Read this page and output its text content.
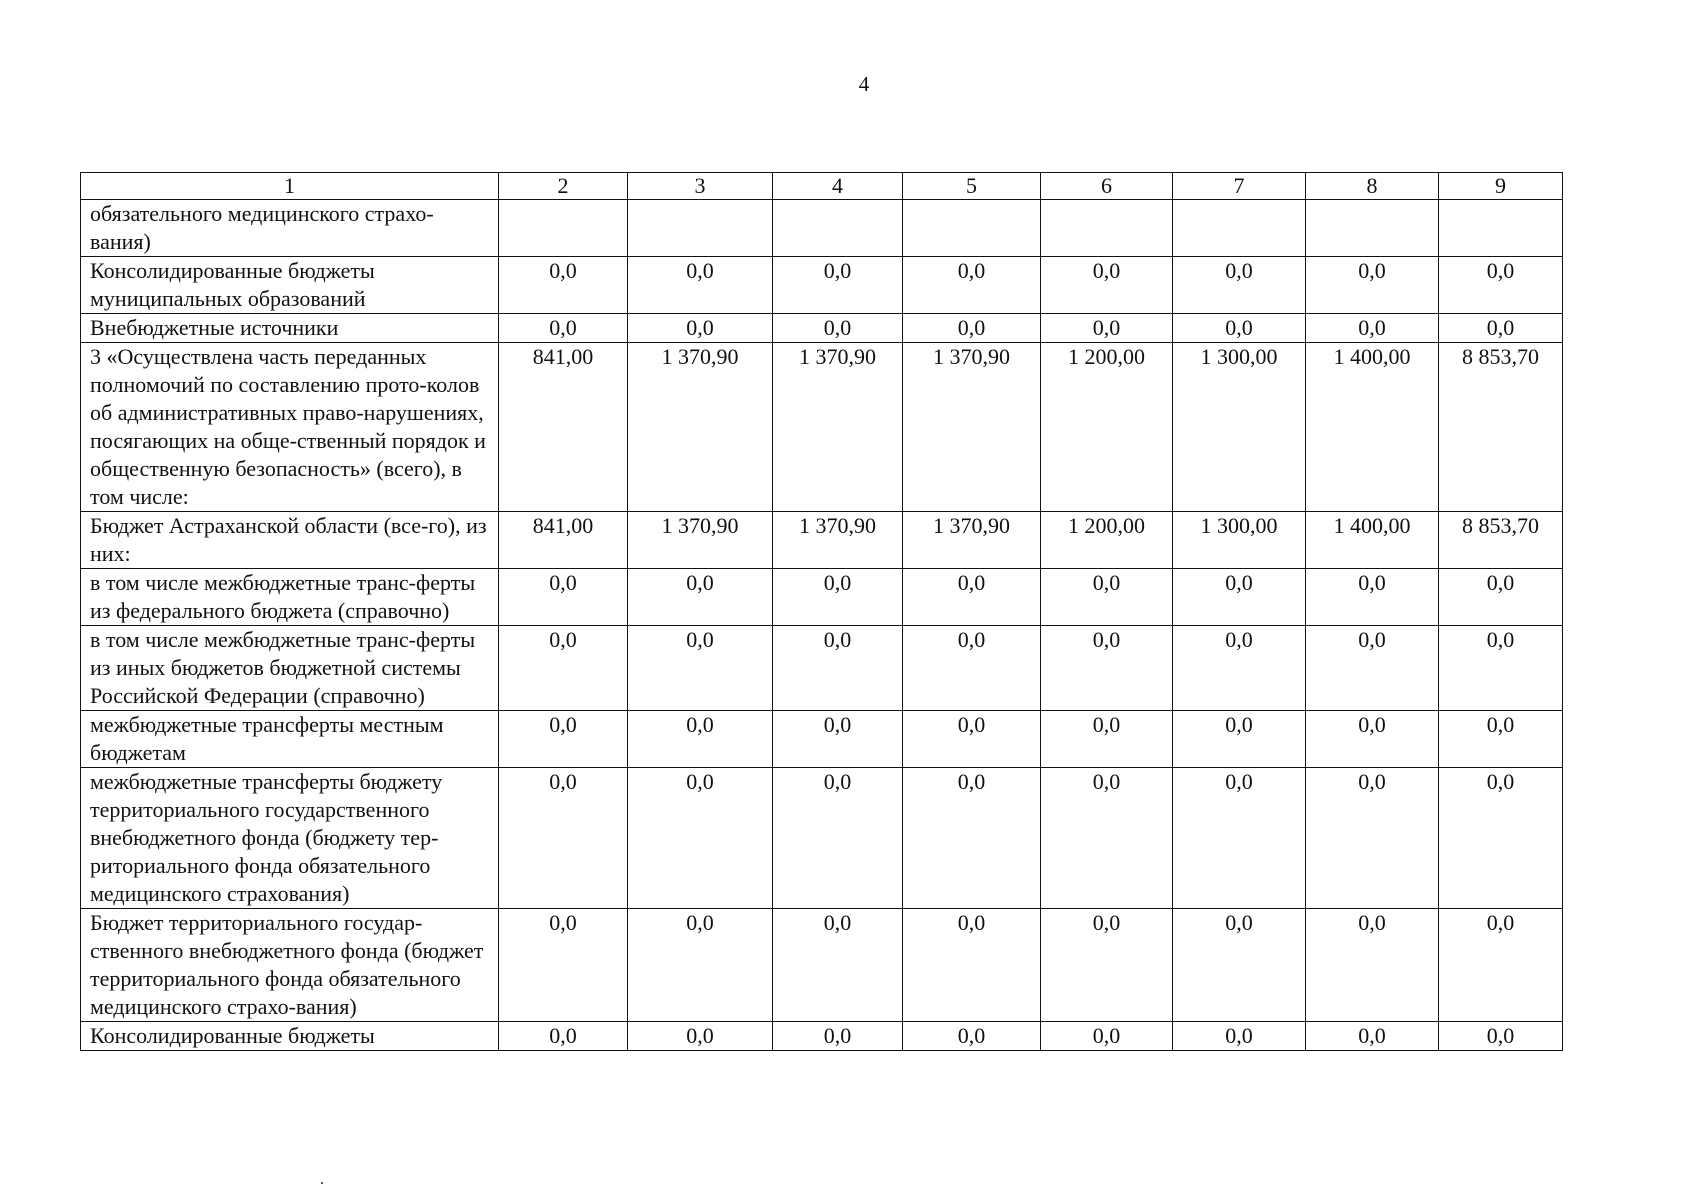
4
1	2	3	4	5	6	7	8	9
обязательного медицинского страхо-вания)								
Консолидированные бюджеты муниципальных образований	0,0	0,0	0,0	0,0	0,0	0,0	0,0	0,0
Внебюджетные источники	0,0	0,0	0,0	0,0	0,0	0,0	0,0	0,0
3 «Осуществлена часть переданных полномочий по составлению прото-колов об административных право-нарушениях, посягающих на обще-ственный порядок и общественную безопасность» (всего), в том числе:	841,00	1 370,90	1 370,90	1 370,90	1 200,00	1 300,00	1 400,00	8 853,70
Бюджет Астраханской области (все-го), из них:	841,00	1 370,90	1 370,90	1 370,90	1 200,00	1 300,00	1 400,00	8 853,70
в том числе межбюджетные транс-ферты из федерального бюджета (справочно)	0,0	0,0	0,0	0,0	0,0	0,0	0,0	0,0
в том числе межбюджетные транс-ферты из иных бюджетов бюджетной системы Российской Федерации (справочно)	0,0	0,0	0,0	0,0	0,0	0,0	0,0	0,0
межбюджетные трансферты местным бюджетам	0,0	0,0	0,0	0,0	0,0	0,0	0,0	0,0
межбюджетные трансферты бюджету территориального государственного внебюджетного фонда (бюджету тер-риториального фонда обязательного медицинского страхования)	0,0	0,0	0,0	0,0	0,0	0,0	0,0	0,0
Бюджет территориального государ-ственного внебюджетного фонда (бюджет территориального фонда обязательного медицинского страхо-вания)	0,0	0,0	0,0	0,0	0,0	0,0	0,0	0,0
Консолидированные бюджеты	0,0	0,0	0,0	0,0	0,0	0,0	0,0	0,0
